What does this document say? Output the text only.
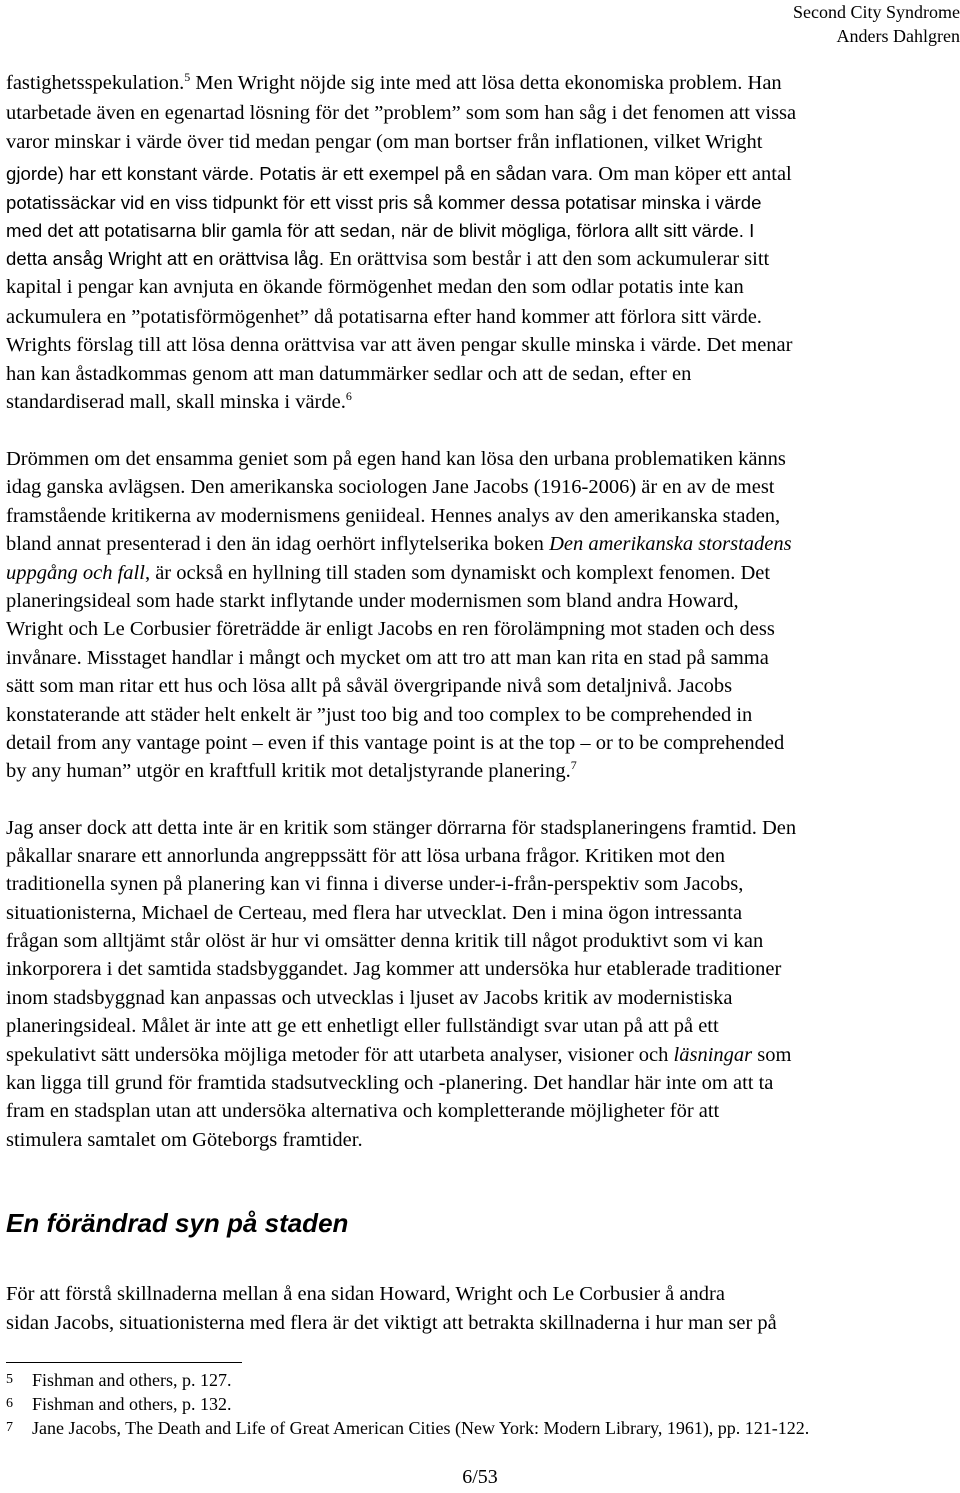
Second City Syndrome
Anders Dahlgren
fastighetsspekulation.$^5$ Men Wright nöjde sig inte med att lösa detta ekonomiska problem. Han
utarbetade även en egenartad lösning för det ”problem” som som han såg i det fenomen att vissa
varor minskar i värde över tid medan pengar (om man bortser från inflationen, vilket Wright
gjorde) har ett konstant värde. Potatis är ett exempel på en sådan vara. Om man köper ett antal
potatissäckar vid en viss tidpunkt för ett visst pris så kommer dessa potatisar minska i värde
med det att potatisarna blir gamla för att sedan, när de blivit mögliga, förlora allt sitt värde. I
detta ansåg Wright att en orättvisa låg. En orättvisa som består i att den som ackumulerar sitt
kapital i pengar kan avnjuta en ökande förmögenhet medan den som odlar potatis inte kan
ackumulera en ”potatisförmögenhet” då potatisarna efter hand kommer att förlora sitt värde.
Wrights förslag till att lösa denna orättvisa var att även pengar skulle minska i värde. Det menar
han kan åstadkommas genom att man datummärker sedlar och att de sedan, efter en
standardiserad mall, skall minska i värde.$^6$
Drömmen om det ensamma geniet som på egen hand kan lösa den urbana problematiken känns
idag ganska avlägsen. Den amerikanska sociologen Jane Jacobs (1916-2006) är en av de mest
framstående kritikerna av modernismens geniideal. Hennes analys av den amerikanska staden,
bland annat presenterad i den än idag oerhört inflytelserika boken Den amerikanska storstadens
uppgång och fall, är också en hyllning till staden som dynamiskt och komplext fenomen. Det
planeringsideal som hade starkt inflytande under modernismen som bland andra Howard,
Wright och Le Corbusier företrädde är enligt Jacobs en ren förolämpning mot staden och dess
invånare. Misstaget handlar i mångt och mycket om att tro att man kan rita en stad på samma
sätt som man ritar ett hus och lösa allt på såväl övergripande nivå som detaljnivå. Jacobs
konstaterande att städer helt enkelt är ”just too big and too complex to be comprehended in
detail from any vantage point – even if this vantage point is at the top – or to be comprehended
by any human” utgör en kraftfull kritik mot detaljstyrande planering.$^7$
Jag anser dock att detta inte är en kritik som stänger dörrarna för stadsplaneringens framtid. Den
påkallar snarare ett annorlunda angreppssätt för att lösa urbana frågor. Kritiken mot den
traditionella synen på planering kan vi finna i diverse under-i-från-perspektiv som Jacobs,
situationisterna, Michael de Certeau, med flera har utvecklat. Den i mina ögon intressanta
frågan som alltjämt står olöst är hur vi omsätter denna kritik till något produktivt som vi kan
inkorporera i det samtida stadsbyggandet. Jag kommer att undersöka hur etablerade traditioner
inom stadsbyggnad kan anpassas och utvecklas i ljuset av Jacobs kritik av modernistiska
planeringsideal. Målet är inte att ge ett enhetligt eller fullständigt svar utan på att på ett
spekulativt sätt undersöka möjliga metoder för att utarbeta analyser, visioner och läsningar som
kan ligga till grund för framtida stadsutveckling och -planering. Det handlar här inte om att ta
fram en stadsplan utan att undersöka alternativa och kompletterande möjligheter för att
stimulera samtalet om Göteborgs framtider.
En förändrad syn på staden
För att förstå skillnaderna mellan å ena sidan Howard, Wright och Le Corbusier å andra
sidan Jacobs, situationisterna med flera är det viktigt att betrakta skillnaderna i hur man ser på
5 Fishman and others, p. 127.
6 Fishman and others, p. 132.
7 Jane Jacobs, The Death and Life of Great American Cities (New York: Modern Library, 1961), pp. 121-122.
6/53
